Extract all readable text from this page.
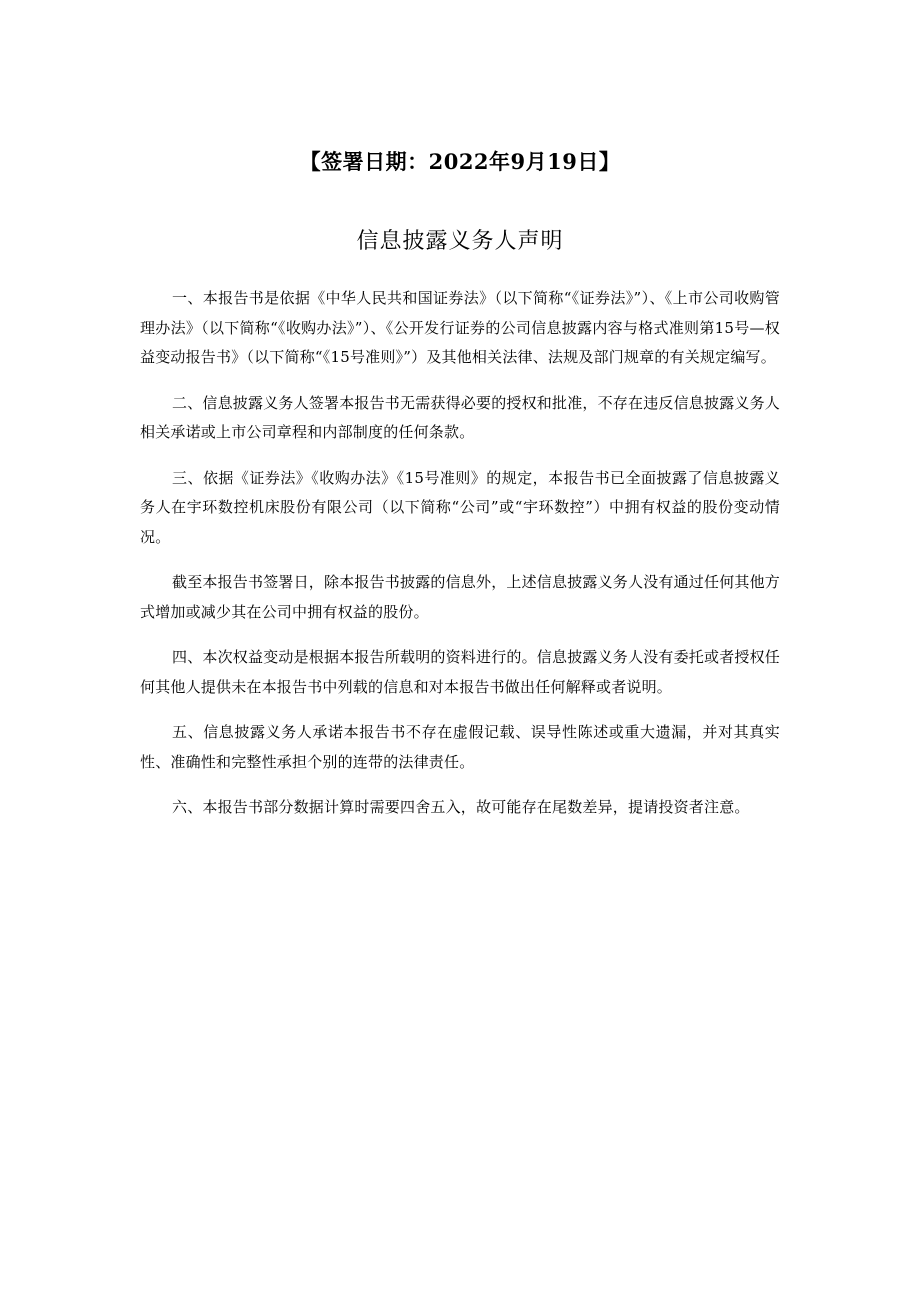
【签署日期：2022年9月19日】
信息披露义务人声明

一、本报告书是依据《中华人民共和国证券法》（以下简称“《证券法》”）、《上市公司收购管理办法》（以下简称“《收购办法》”）、《公开发行证券的公司信息披露内容与格式准则第15号—权益变动报告书》（以下简称“《15号准则》”）及其他相关法律、法规及部门规章的有关规定编写。

二、信息披露义务人签署本报告书无需获得必要的授权和批准，不存在违反信息披露义务人相关承诺或上市公司章程和内部制度的任何条款。

三、依据《证券法》《收购办法》《15号准则》的规定，本报告书已全面披露了信息披露义务人在宇环数控机床股份有限公司（以下简称“公司”或“宇环数控”）中拥有权益的股份变动情况。

截至本报告书签署日，除本报告书披露的信息外，上述信息披露义务人没有通过任何其他方式增加或减少其在公司中拥有权益的股份。

四、本次权益变动是根据本报告所载明的资料进行的。信息披露义务人没有委托或者授权任何其他人提供未在本报告书中列载的信息和对本报告书做出任何解释或者说明。

五、信息披露义务人承诺本报告书不存在虚假记载、误导性陈述或重大遗漏，并对其真实性、准确性和完整性承担个别的连带的法律责任。

六、本报告书部分数据计算时需要四舍五入，故可能存在尾数差异，提请投资者注意。
